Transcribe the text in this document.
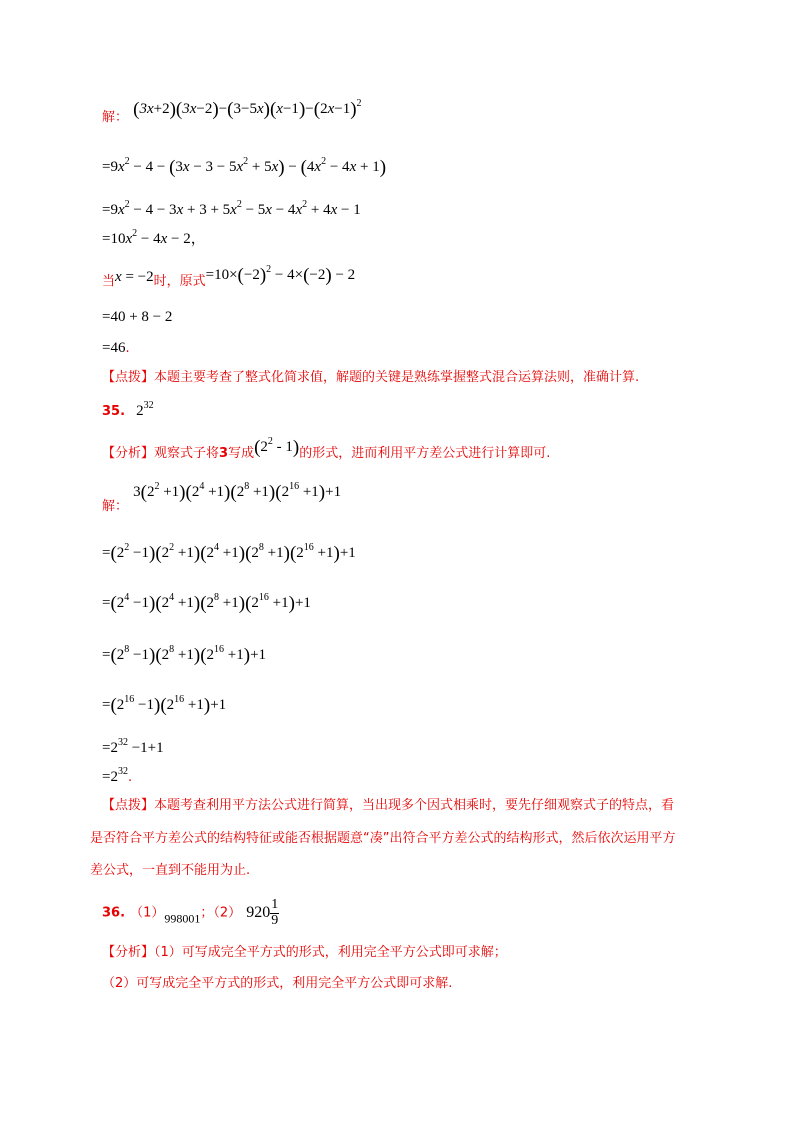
解： $(3x+2)(3x-2)-(3-5x)(x-1)-(2x-1)^2$
$=9x^2 - 4 - (3x - 3 - 5x^2 + 5x) - (4x^2 - 4x + 1)$
$=9x^2 - 4 - 3x + 3 + 5x^2 - 5x - 4x^2 + 4x - 1$
$=10x^2 - 4x - 2$，
当x = −2时，原式$=10\times(-2)^2 - 4\times(-2) - 2$
=40 + 8 − 2
=46.
【点拨】本题主要考查了整式化简求值，解题的关键是熟练掌握整式混合运算法则，准确计算.
35. $2^{32}$
【分析】观察式子将3写成$(2^2 - 1)$的形式，进而利用平方差公式进行计算即可.
$_{解:}$ $3(2^2 +1)(2^4 +1)(2^8 +1)(2^{16} +1)+1$
$=(2^2 -1)(2^2 +1)(2^4 +1)(2^8 +1)(2^{16} +1)+1$
$=(2^4 -1)(2^4 +1)(2^8 +1)(2^{16} +1)+1$
$=(2^8 -1)(2^8 +1)(2^{16} +1)+1$
$=(2^{16} -1)(2^{16} +1)+1$
$=2^{32} -1+1$
$=2^{32}$.
【点拨】本题考查利用平方法公式进行简算，当出现多个因式相乘时，要先仔细观察式子的特点，看
是否符合平方差公式的结构特征或能否根据题意“凑”出符合平方差公式的结构形式，然后依次运用平方
差公式，一直到不能用为止.
36. $(1)_{998001}$；（2） $920 \frac{1}{9}$
【分析】（1）可写成完全平方式的形式，利用完全平方公式即可求解；
（2）可写成完全平方式的形式，利用完全平方公式即可求解.
